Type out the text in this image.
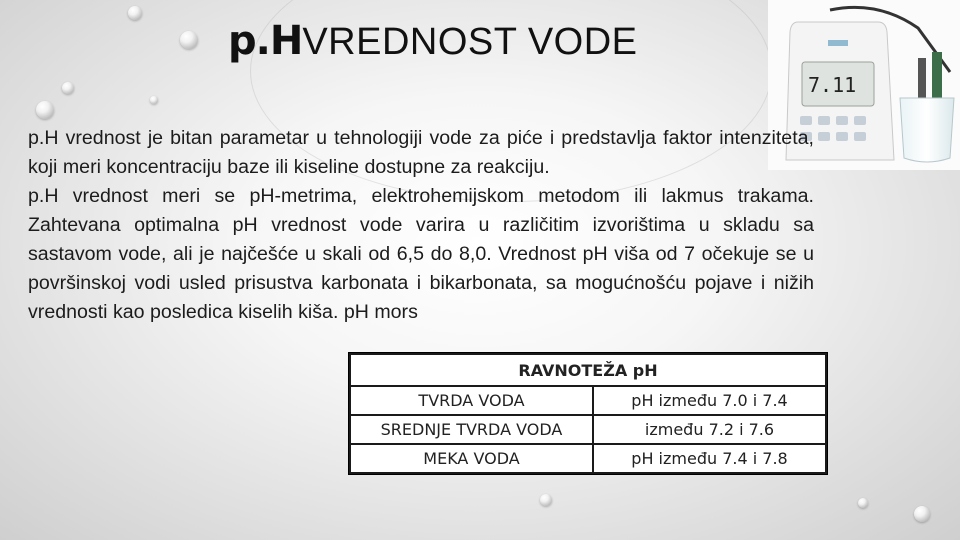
p.HVREDNOST VODE
7.11

p.H vrednost je bitan parametar u tehnologiji vode za piće i predstavlja faktor intenziteta, koji meri koncentraciju baze ili kiseline dostupne za reakciju.

p.H vrednost meri se pH-metrima, elektrohemijskom metodom ili lakmus trakama. Zahtevana optimalna pH vrednost vode varira u različitim izvorištima u skladu sa sastavom vode, ali je najčešće u skali od 6,5 do 8,0. Vrednost pH viša od 7 očekuje se u površinskoj vodi usled prisustva karbonata i bikarbonata, sa mogućnošću pojave i nižih vrednosti kao posledica kiselih kiša. pH mors

RAVNOTEŽA pH	
TVRDA VODA	pH između 7.0 i 7.4
SREDNJE TVRDA VODA	između 7.2 i 7.6
MEKA VODA	pH između 7.4 i 7.8
